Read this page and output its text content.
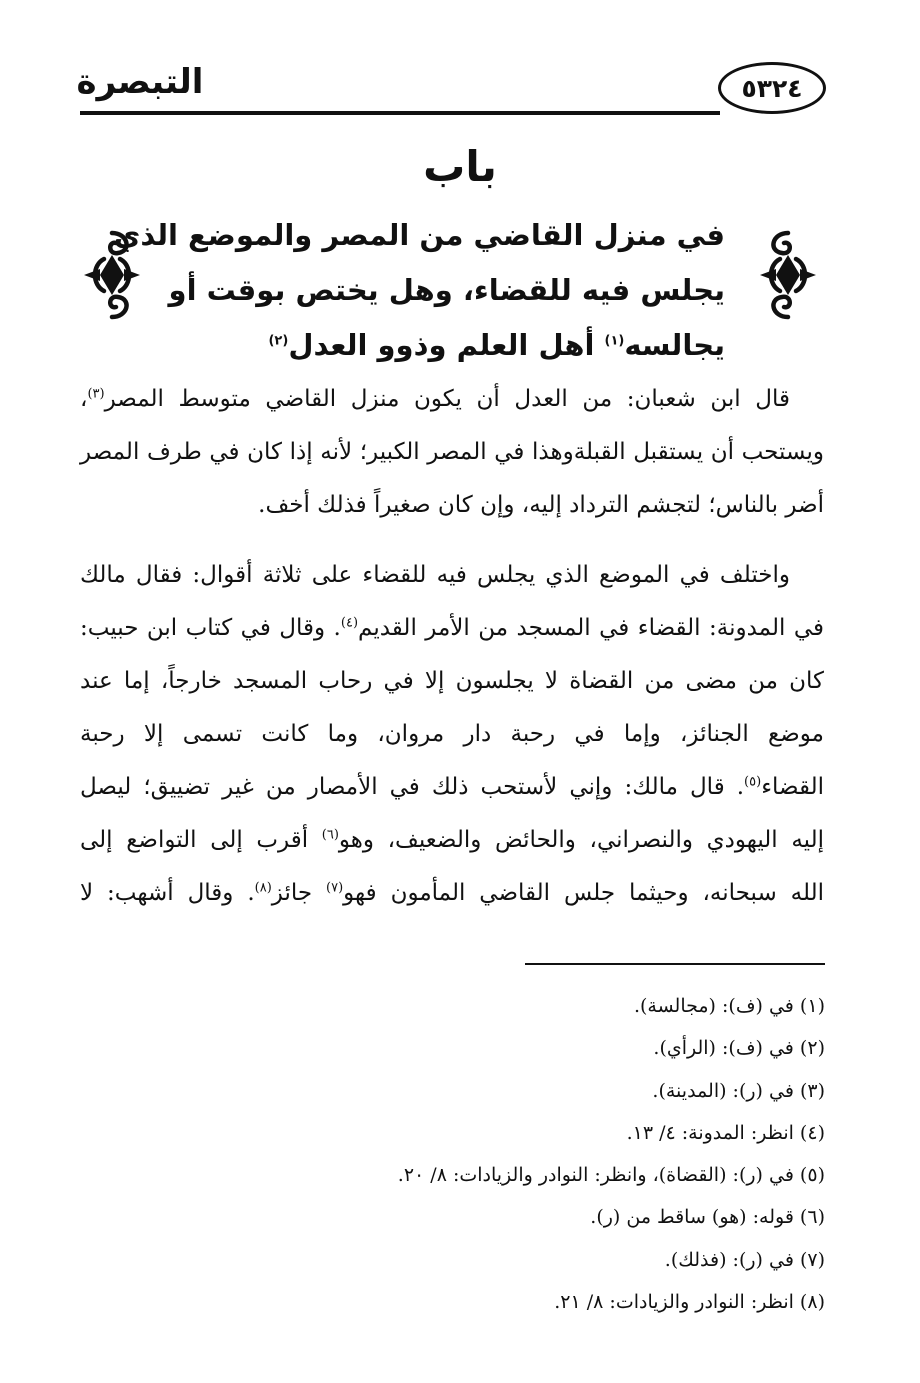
٥٣٢٤
التبصرة
باب
في منزل القاضي من المصر والموضع الذي
يجلس فيه للقضاء، وهل يختص بوقت أو
يجالسه$^{(١)}$ أهل العلم وذوو العدل$^{(٢)}$
قال ابن شعبان: من العدل أن يكون منزل القاضي متوسط المصر$^{(٣)}$،
ويستحب أن يستقبل القبلةوهذا في المصر الكبير؛ لأنه إذا كان في طرف المصر
أضر بالناس؛ لتجشم الترداد إليه، وإن كان صغيراً فذلك أخف.
واختلف في الموضع الذي يجلس فيه للقضاء على ثلاثة أقوال: فقال مالك
في المدونة: القضاء في المسجد من الأمر القديم$^{(٤)}$. وقال في كتاب ابن حبيب:
كان من مضى من القضاة لا يجلسون إلا في رحاب المسجد خارجاً، إما عند
موضع الجنائز، وإما في رحبة دار مروان، وما كانت تسمى إلا رحبة
القضاء$^{(٥)}$. قال مالك: وإني لأستحب ذلك في الأمصار من غير تضييق؛ ليصل
إليه اليهودي والنصراني، والحائض والضعيف، وهو$^{(٦)}$ أقرب إلى التواضع إلى
الله سبحانه، وحيثما جلس القاضي المأمون فهو$^{(٧)}$ جائز$^{(٨)}$. وقال أشهب: لا
(١) في (ف): (مجالسة).
(٢) في (ف): (الرأي).
(٣) في (ر): (المدينة).
(٤) انظر: المدونة: ٤/ ١٣.
(٥) في (ر): (القضاة)، وانظر: النوادر والزيادات: ٨/ ٢٠.
(٦) قوله: (هو) ساقط من (ر).
(٧) في (ر): (فذلك).
(٨) انظر: النوادر والزيادات: ٨/ ٢١.
